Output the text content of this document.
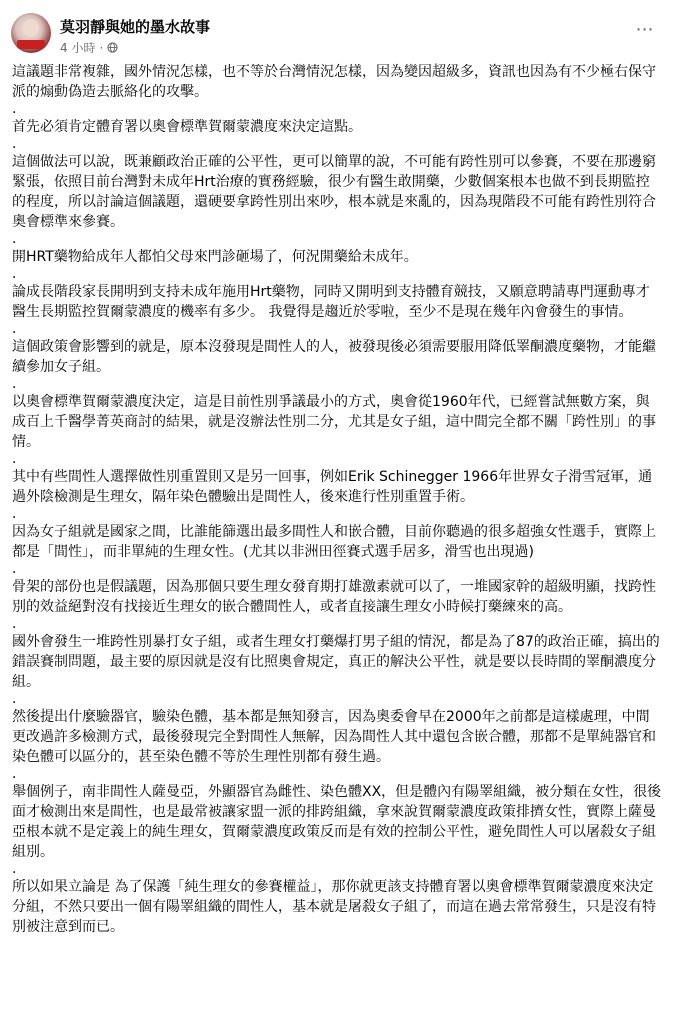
莫羽靜與她的墨水故事
4 小時 ·
⋯

這議題非常複雜，國外情況怎樣，也不等於台灣情況怎樣，因為變因超級多，資訊也因為有不少極右保守派的煽動偽造去脈絡化的攻擊。

.

首先必須肯定體育署以奧會標準賀爾蒙濃度來決定這點。

.

這個做法可以說，既兼顧政治正確的公平性，更可以簡單的說，不可能有跨性別可以參賽，不要在那邊窮緊張，依照目前台灣對未成年Hrt治療的實務經驗，很少有醫生敢開藥，少數個案根本也做不到長期監控的程度，所以討論這個議題，還硬要拿跨性別出來吵，根本就是來亂的，因為現階段不可能有跨性別符合奧會標準來參賽。

.

開HRT藥物給成年人都怕父母來門診砸場了，何況開藥給未成年。

.

論成長階段家長開明到支持未成年施用Hrt藥物，同時又開明到支持體育競技，又願意聘請專門運動專才醫生長期監控賀爾蒙濃度的機率有多少。 我覺得是趨近於零啦，至少不是現在幾年內會發生的事情。

.

這個政策會影響到的就是，原本沒發現是間性人的人，被發現後必須需要服用降低睪酮濃度藥物，才能繼續參加女子組。

.

以奧會標準賀爾蒙濃度決定，這是目前性別爭議最小的方式，奧會從1960年代，已經嘗試無數方案，與成百上千醫學菁英商討的結果，就是沒辦法性別二分，尤其是女子組，這中間完全都不關「跨性別」的事情。

.

其中有些間性人選擇做性別重置則又是另一回事，例如Erik Schinegger 1966年世界女子滑雪冠軍，通過外陰檢測是生理女，隔年染色體驗出是間性人，後來進行性別重置手術。

.

因為女子組就是國家之間，比誰能篩選出最多間性人和嵌合體，目前你聽過的很多超強女性選手，實際上都是「間性」，而非單純的生理女性。(尤其以非洲田徑賽式選手居多，滑雪也出現過)

.

骨架的部份也是假議題，因為那個只要生理女發育期打雄激素就可以了，一堆國家幹的超級明顯，找跨性別的效益絕對沒有找接近生理女的嵌合體間性人，或者直接讓生理女小時候打藥練來的高。

.

國外會發生一堆跨性別暴打女子組，或者生理女打藥爆打男子組的情況，都是為了87的政治正確，搞出的錯誤賽制問題，最主要的原因就是沒有比照奧會規定，真正的解決公平性，就是要以長時間的睪酮濃度分組。

.

然後提出什麼驗器官，驗染色體，基本都是無知發言，因為奧委會早在2000年之前都是這樣處理，中間更改過許多檢測方式，最後發現完全對間性人無解，因為間性人其中還包含嵌合體，那都不是單純器官和染色體可以區分的，甚至染色體不等於生理性別都有發生過。

.

舉個例子，南非間性人薩曼亞，外顯器官為雌性、染色體XX，但是體內有陽睪組織，被分類在女性，很後面才檢測出來是間性，也是最常被讓家盟一派的排跨組織，拿來說賀爾蒙濃度政策排擠女性，實際上薩曼亞根本就不是定義上的純生理女，賀爾蒙濃度政策反而是有效的控制公平性，避免間性人可以屠殺女子組組別。

.

所以如果立論是 為了保護「純生理女的參賽權益」，那你就更該支持體育署以奧會標準賀爾蒙濃度來決定分組，不然只要出一個有陽睪組織的間性人，基本就是屠殺女子組了，而這在過去常常發生，只是沒有特別被注意到而已。
